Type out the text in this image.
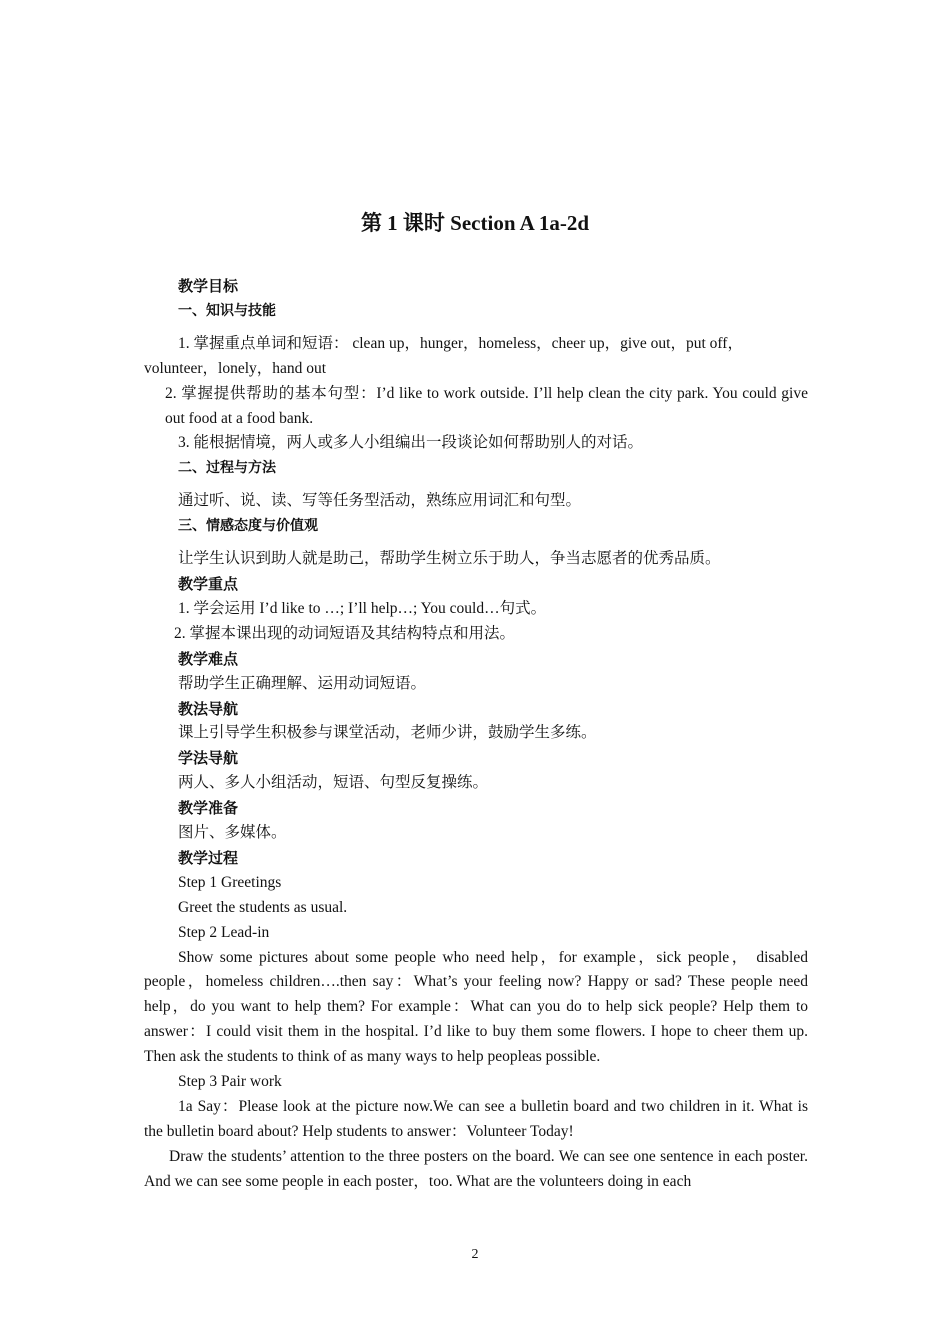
第 1 课时 Section A 1a-2d

教学目标

一、知识与技能

1. 掌握重点单词和短语： clean up，hunger，homeless，cheer up，give out，put off，

volunteer，lonely，hand out

2. 掌握提供帮助的基本句型：I’d like to work outside. I’ll help clean the city park. You could give out food at a food bank.

3. 能根据情境，两人或多人小组编出一段谈论如何帮助别人的对话。

二、过程与方法

通过听、说、读、写等任务型活动，熟练应用词汇和句型。

三、情感态度与价值观

让学生认识到助人就是助己，帮助学生树立乐于助人，争当志愿者的优秀品质。

教学重点

1. 学会运用 I’d like to …; I’ll help…; You could…句式。

2. 掌握本课出现的动词短语及其结构特点和用法。

教学难点

帮助学生正确理解、运用动词短语。

教法导航

课上引导学生积极参与课堂活动，老师少讲，鼓励学生多练。

学法导航

两人、多人小组活动，短语、句型反复操练。

教学准备

图片、多媒体。

教学过程

Step 1 Greetings

Greet the students as usual.

Step 2 Lead-in

Show some pictures about some people who need help，for example，sick people， disabled people，homeless children….then say：What’s your feeling now? Happy or sad? These people need help，do you want to help them? For example：What can you do to help sick people? Help them to answer：I could visit them in the hospital. I’d like to buy them some flowers. I hope to cheer them up. Then ask the students to think of as many ways to help peopleas possible.

Step 3 Pair work

1a Say：Please look at the picture now.We can see a bulletin board and two children in it. What is the bulletin board about? Help students to answer：Volunteer Today!

Draw the students’ attention to the three posters on the board. We can see one sentence in each poster. And we can see some people in each poster，too. What are the volunteers doing in each

2
